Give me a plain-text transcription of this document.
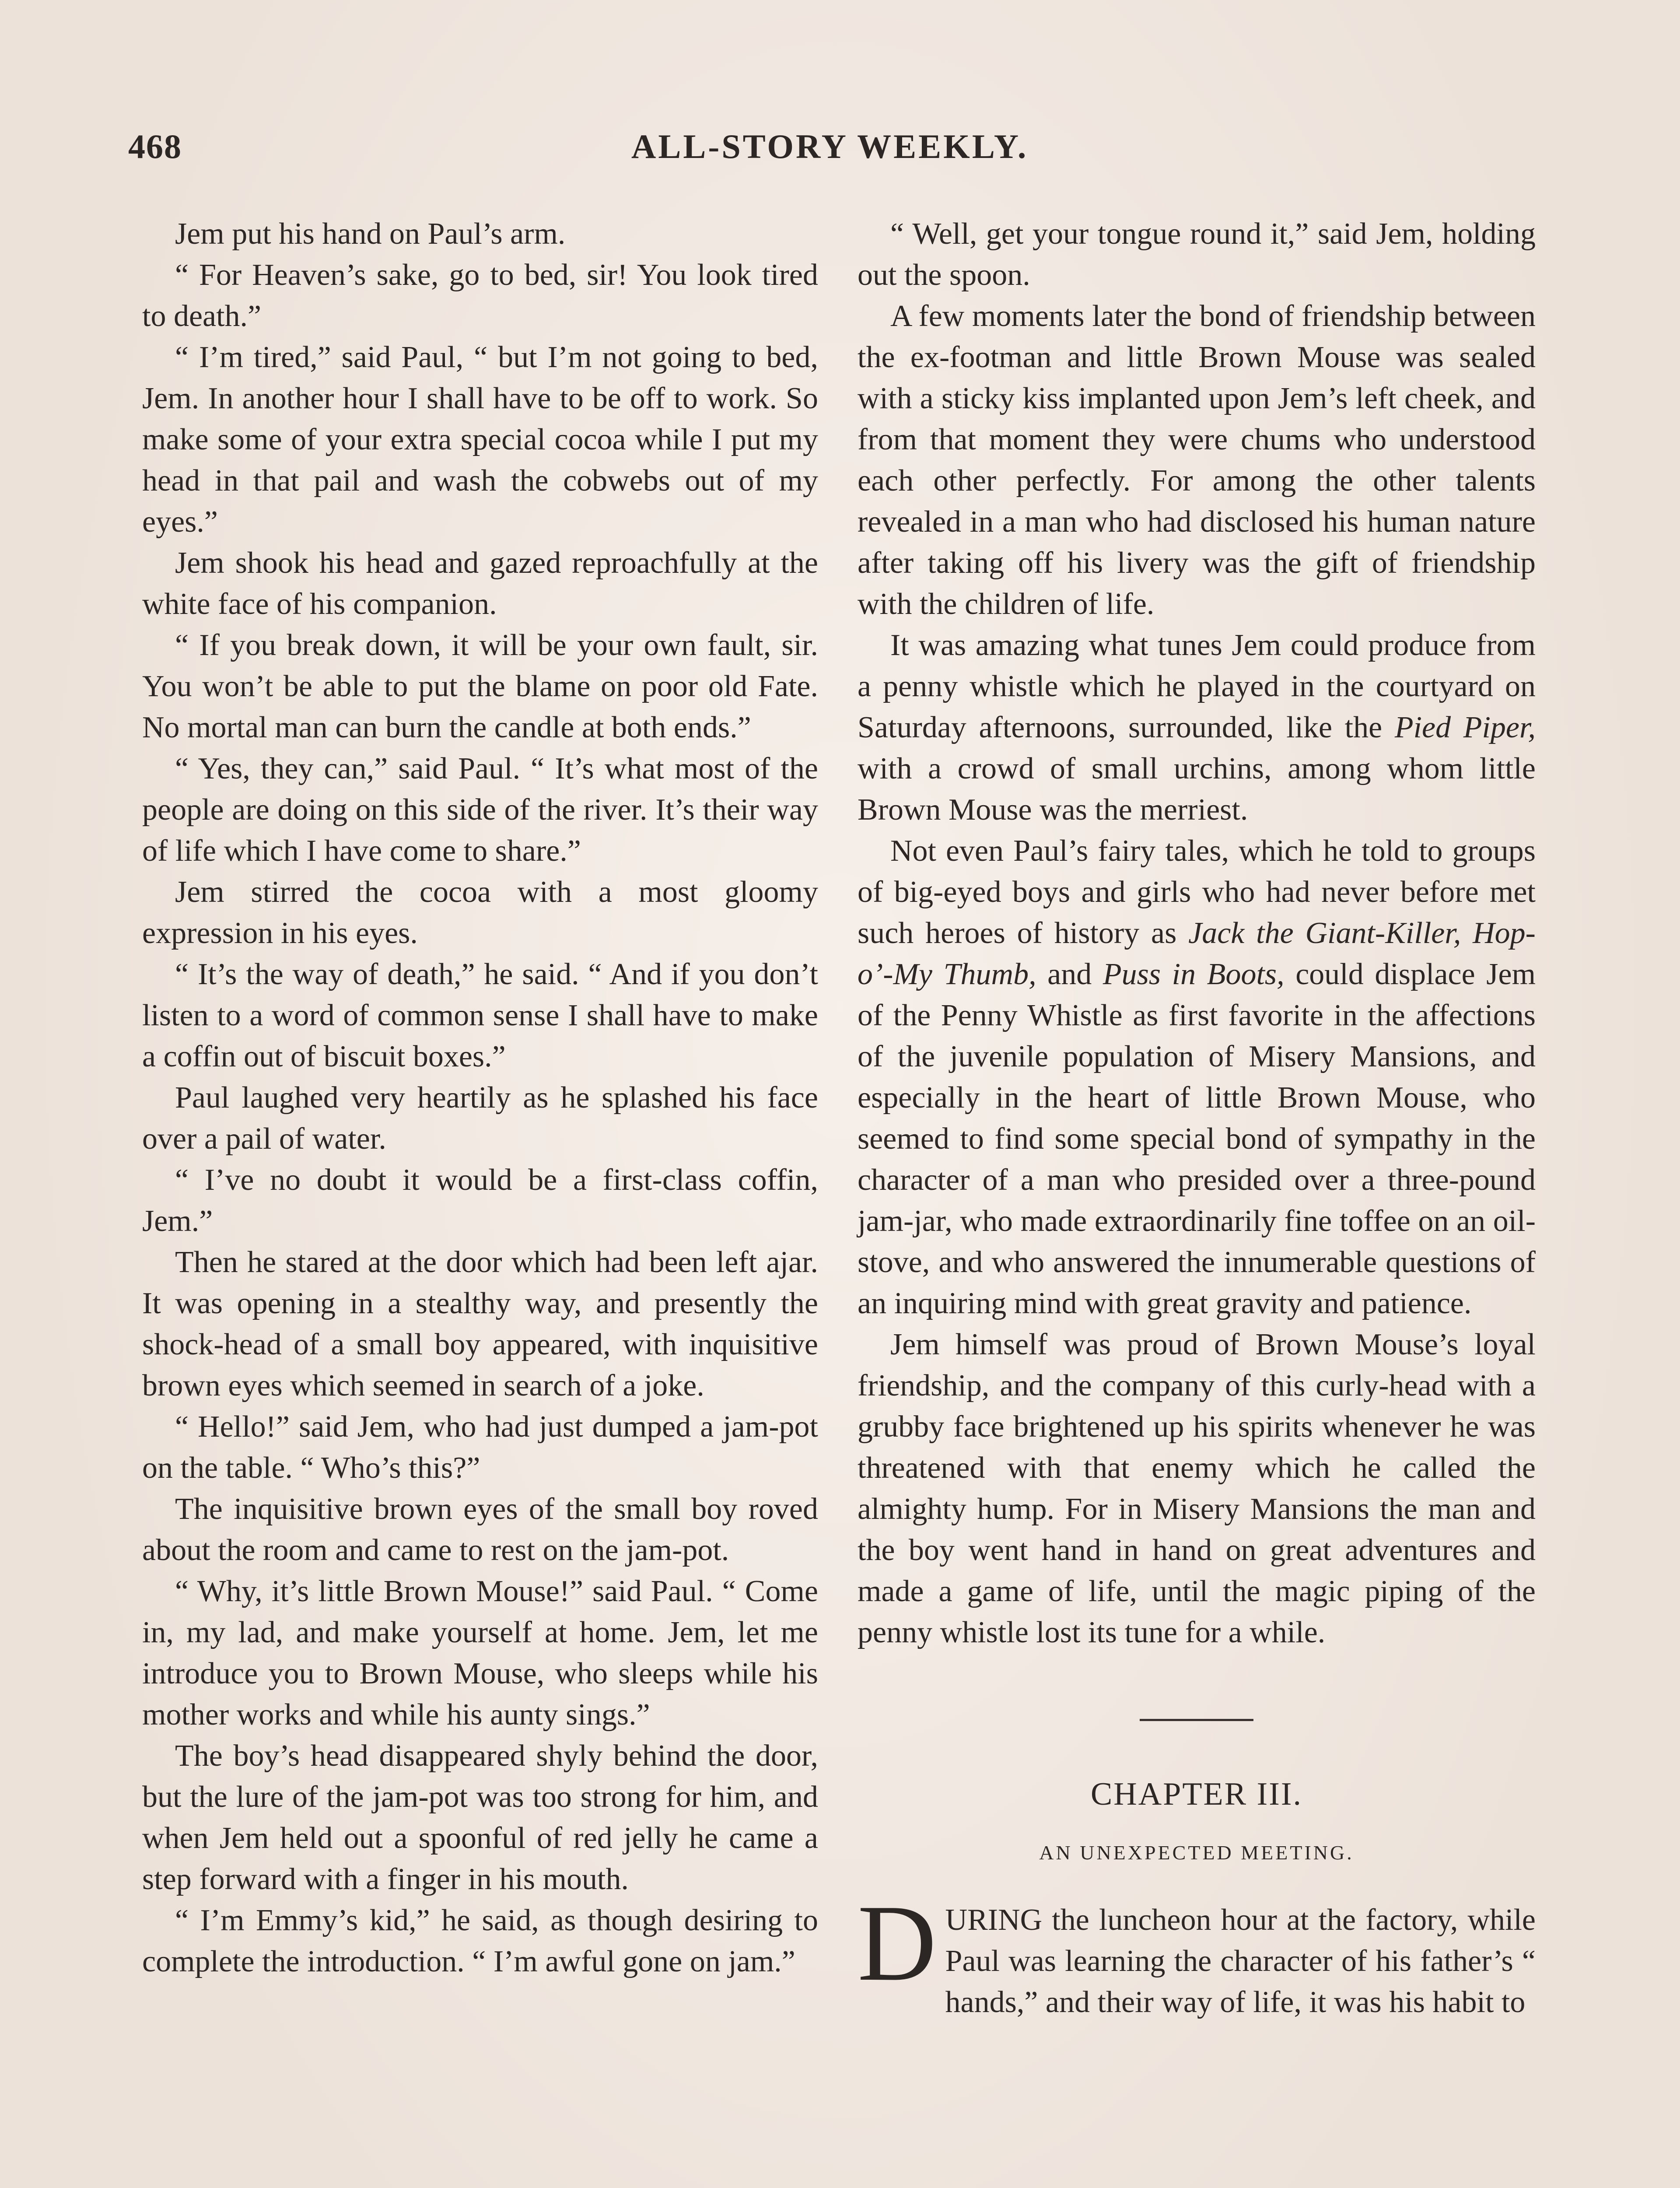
468	ALL-STORY WEEKLY.

Jem put his hand on Paul’s arm.

“ For Heaven’s sake, go to bed, sir! You look tired to death.”

“ I’m tired,” said Paul, “ but I’m not going to bed, Jem. In another hour I shall have to be off to work. So make some of your extra special cocoa while I put my head in that pail and wash the cobwebs out of my eyes.”

Jem shook his head and gazed reproachfully at the white face of his companion.

“ If you break down, it will be your own fault, sir. You won’t be able to put the blame on poor old Fate. No mortal man can burn the candle at both ends.”

“ Yes, they can,” said Paul. “ It’s what most of the people are doing on this side of the river. It’s their way of life which I have come to share.”

Jem stirred the cocoa with a most gloomy expression in his eyes.

“ It’s the way of death,” he said. “ And if you don’t listen to a word of common sense I shall have to make a coffin out of biscuit boxes.”

Paul laughed very heartily as he splashed his face over a pail of water.

“ I’ve no doubt it would be a first-class coffin, Jem.”

Then he stared at the door which had been left ajar. It was opening in a stealthy way, and presently the shock-head of a small boy appeared, with inquisitive brown eyes which seemed in search of a joke.

“ Hello!” said Jem, who had just dumped a jam-pot on the table. “ Who’s this?”

The inquisitive brown eyes of the small boy roved about the room and came to rest on the jam-pot.

“ Why, it’s little Brown Mouse!” said Paul. “ Come in, my lad, and make yourself at home. Jem, let me introduce you to Brown Mouse, who sleeps while his mother works and while his aunty sings.”

The boy’s head disappeared shyly behind the door, but the lure of the jam-pot was too strong for him, and when Jem held out a spoonful of red jelly he came a step forward with a finger in his mouth.

“ I’m Emmy’s kid,” he said, as though desiring to complete the introduction. “ I’m awful gone on jam.”

“ Well, get your tongue round it,” said Jem, holding out the spoon.

A few moments later the bond of friendship between the ex-footman and little Brown Mouse was sealed with a sticky kiss implanted upon Jem’s left cheek, and from that moment they were chums who understood each other perfectly. For among the other talents revealed in a man who had disclosed his human nature after taking off his livery was the gift of friendship with the children of life.

It was amazing what tunes Jem could produce from a penny whistle which he played in the courtyard on Saturday afternoons, surrounded, like the Pied Piper, with a crowd of small urchins, among whom little Brown Mouse was the merriest.

Not even Paul’s fairy tales, which he told to groups of big-eyed boys and girls who had never before met such heroes of history as Jack the Giant-Killer, Hop-o’-My Thumb, and Puss in Boots, could displace Jem of the Penny Whistle as first favorite in the affections of the juvenile population of Misery Mansions, and especially in the heart of little Brown Mouse, who seemed to find some special bond of sympathy in the character of a man who presided over a three-pound jam-jar, who made extraordinarily fine toffee on an oil-stove, and who answered the innumerable questions of an inquiring mind with great gravity and patience.

Jem himself was proud of Brown Mouse’s loyal friendship, and the company of this curly-head with a grubby face brightened up his spirits whenever he was threatened with that enemy which he called the almighty hump. For in Misery Mansions the man and the boy went hand in hand on great adventures and made a game of life, until the magic piping of the penny whistle lost its tune for a while.

CHAPTER III.
AN UNEXPECTED MEETING.

DURING the luncheon hour at the factory, while Paul was learning the character of his father’s “ hands,” and their way of life, it was his habit to
